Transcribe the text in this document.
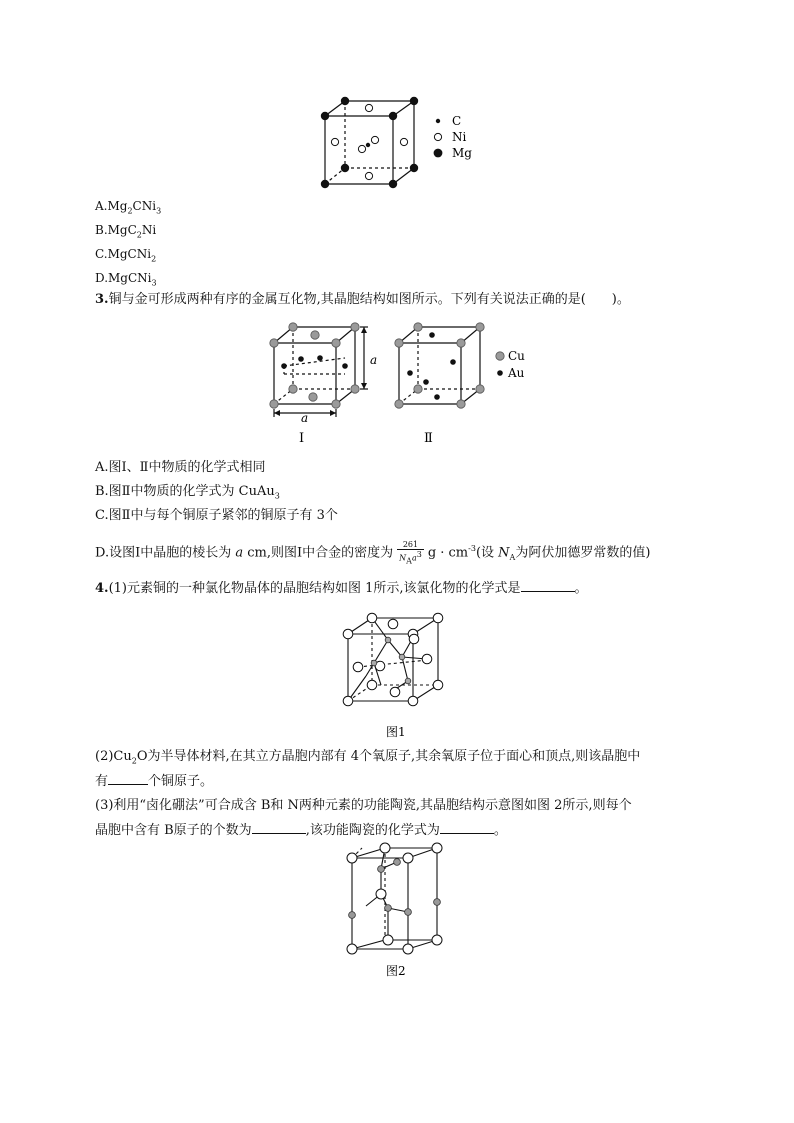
C
Ni
Mg
$A.Mg_2CNi_3$
B.MgC$_2$Ni
C.MgCNi$_2$
D.MgCNi$_3$
3.铜与金可形成两种有序的金属互化物,其晶胞结构如图所示。下列有关说法正确的是(　　)。
a
a
Cu
Au
Ⅰ	Ⅱ
A.图Ⅰ、Ⅱ中物质的化学式相同
B.图Ⅱ中物质的化学式为 CuAu$_3$
C.图Ⅱ中与每个铜原子紧邻的铜原子有 3个
D.设图Ⅰ中晶胞的棱长为 a cm,则图Ⅰ中合金的密度为 $\frac{261}{N_Aa^3}$ $g \cdot cm^{-3}$(设 $N_A$为阿伏加德罗常数的值)
4.(1)元素铜的一种氯化物晶体的晶胞结构如图 1所示,该氯化物的化学式是	。
图1
$(2)Cu_2O$为半导体材料,在其立方晶胞内部有 4个氧原子,其余氧原子位于面心和顶点,则该晶胞中
有	个铜原子。
(3)利用“卤化硼法”可合成含 B和 N两种元素的功能陶瓷,其晶胞结构示意图如图 2所示,则每个
晶胞中含有 B原子的个数为	,该功能陶瓷的化学式为	。
图2
